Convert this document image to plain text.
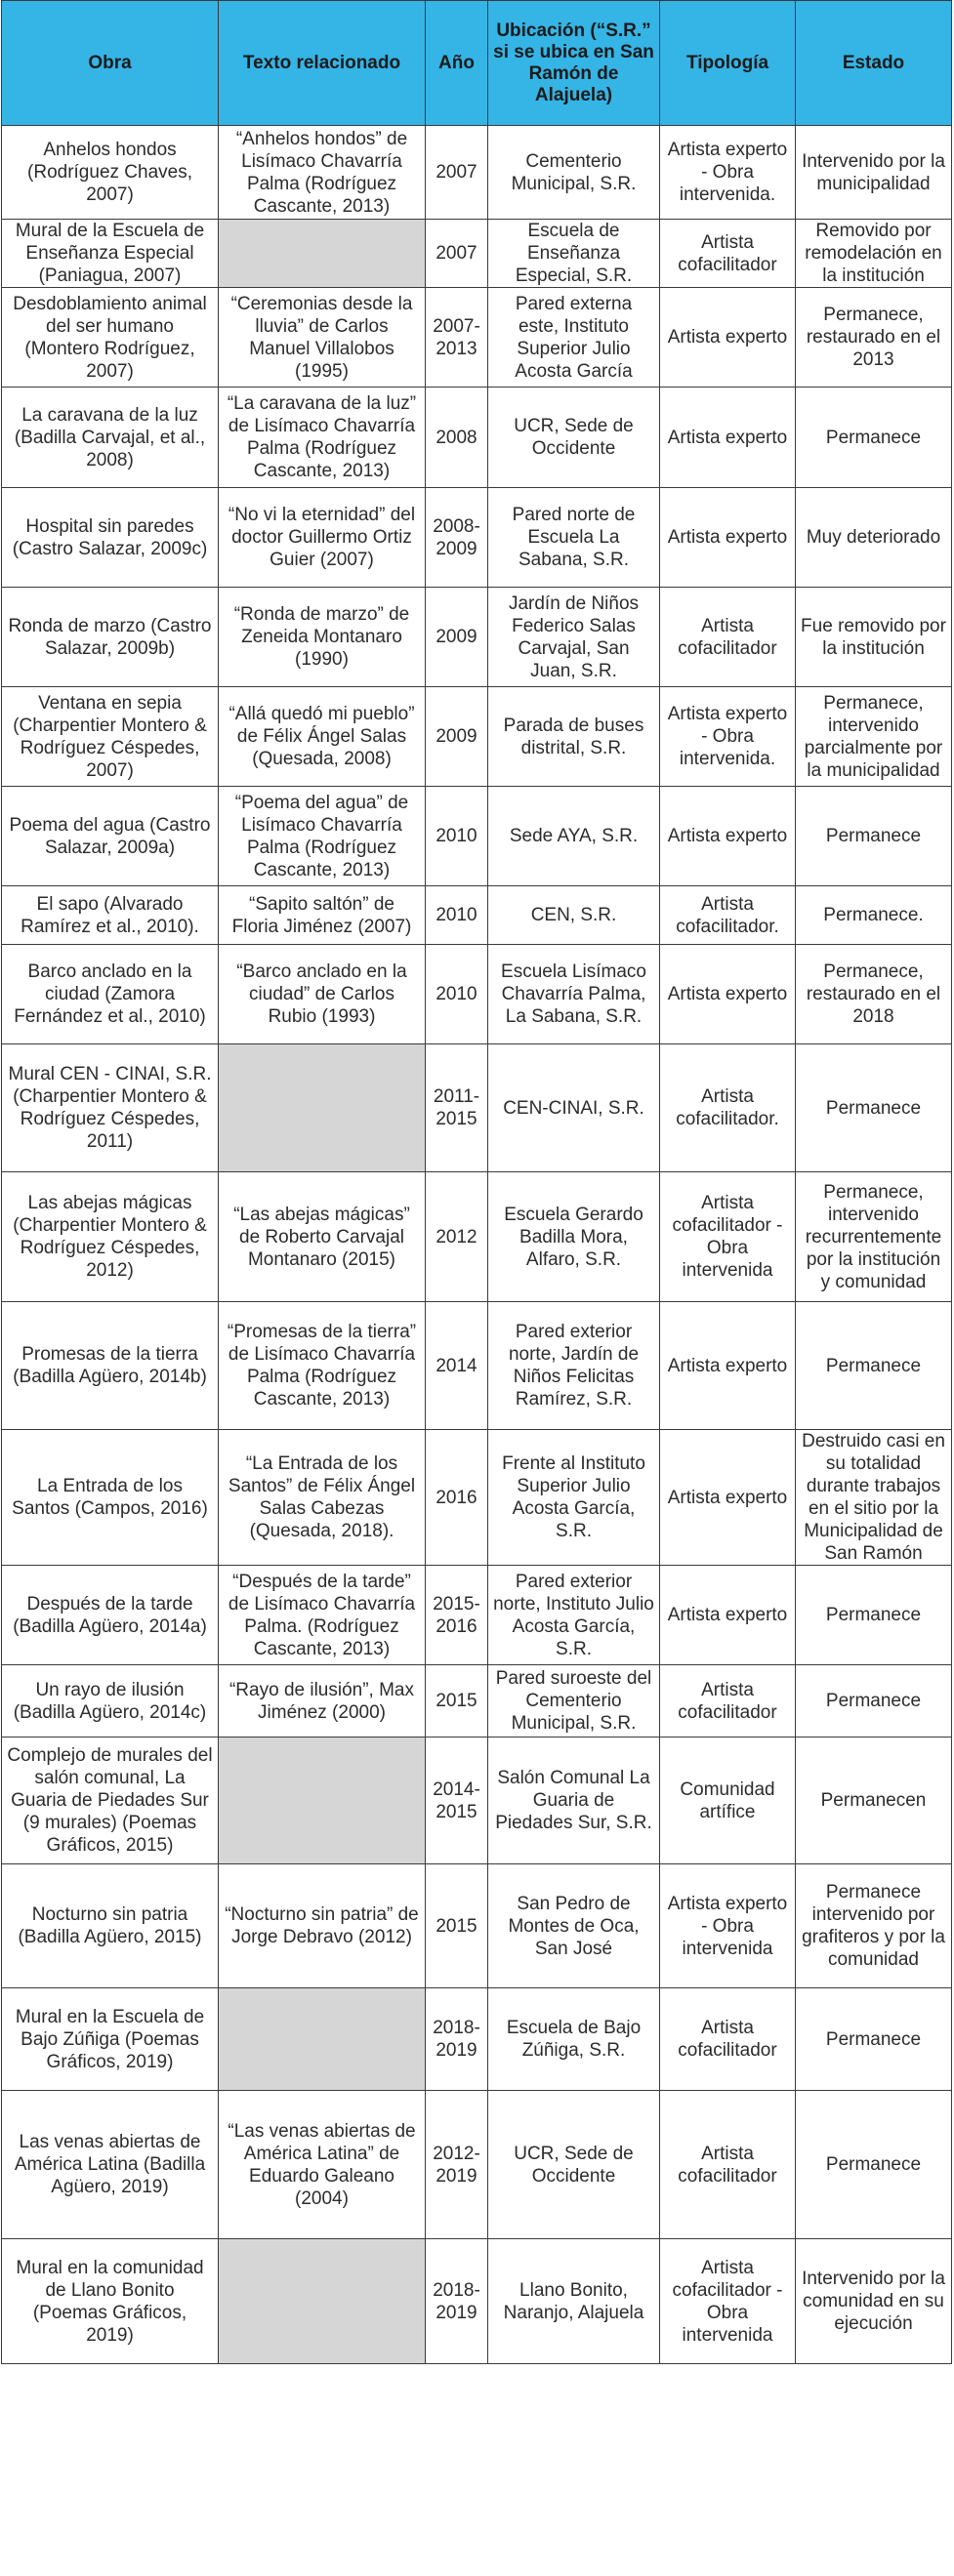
Obra	Texto relacionado	Año	Ubicación (“S.R.” si se ubica en San Ramón de Alajuela)	Tipología	Estado
Anhelos hondos (Rodríguez Chaves, 2007)	“Anhelos hondos” de Lisímaco Chavarría Palma (Rodríguez Cascante, 2013)	2007	Cementerio Municipal, S.R.	Artista experto - Obra intervenida.	Intervenido por la municipalidad
Mural de la Escuela de Enseñanza Especial (Paniagua, 2007)		2007	Escuela de Enseñanza Especial, S.R.	Artista cofacilitador	Removido por remodelación en la institución
Desdoblamiento animal del ser humano (Montero Rodríguez, 2007)	“Ceremonias desde la lluvia” de Carlos Manuel Villalobos (1995)	2007-2013	Pared externa este, Instituto Superior Julio Acosta García	Artista experto	Permanece, restaurado en el 2013
La caravana de la luz (Badilla Carvajal, et al., 2008)	“La caravana de la luz” de Lisímaco Chavarría Palma (Rodríguez Cascante, 2013)	2008	UCR, Sede de Occidente	Artista experto	Permanece
Hospital sin paredes (Castro Salazar, 2009c)	“No vi la eternidad” del doctor Guillermo Ortiz Guier (2007)	2008-2009	Pared norte de Escuela La Sabana, S.R.	Artista experto	Muy deteriorado
Ronda de marzo (Castro Salazar, 2009b)	“Ronda de marzo” de Zeneida Montanaro (1990)	2009	Jardín de Niños Federico Salas Carvajal, San Juan, S.R.	Artista cofacilitador	Fue removido por la institución
Ventana en sepia (Charpentier Montero & Rodríguez Céspedes, 2007)	“Allá quedó mi pueblo” de Félix Ángel Salas (Quesada, 2008)	2009	Parada de buses distrital, S.R.	Artista experto - Obra intervenida.	Permanece, intervenido parcialmente por la municipalidad
Poema del agua (Castro Salazar, 2009a)	“Poema del agua” de Lisímaco Chavarría Palma (Rodríguez Cascante, 2013)	2010	Sede AYA, S.R.	Artista experto	Permanece
El sapo (Alvarado Ramírez et al., 2010).	“Sapito saltón” de Floria Jiménez (2007)	2010	CEN, S.R.	Artista cofacilitador.	Permanece.
Barco anclado en la ciudad (Zamora Fernández et al., 2010)	“Barco anclado en la ciudad” de Carlos Rubio (1993)	2010	Escuela Lisímaco Chavarría Palma, La Sabana, S.R.	Artista experto	Permanece, restaurado en el 2018
Mural CEN - CINAI, S.R. (Charpentier Montero & Rodríguez Céspedes, 2011)		2011-2015	CEN-CINAI, S.R.	Artista cofacilitador.	Permanece
Las abejas mágicas (Charpentier Montero & Rodríguez Céspedes, 2012)	“Las abejas mágicas” de Roberto Carvajal Montanaro (2015)	2012	Escuela Gerardo Badilla Mora, Alfaro, S.R.	Artista cofacilitador - Obra intervenida	Permanece, intervenido recurrentemente por la institución y comunidad
Promesas de la tierra (Badilla Agüero, 2014b)	“Promesas de la tierra” de Lisímaco Chavarría Palma (Rodríguez Cascante, 2013)	2014	Pared exterior norte, Jardín de Niños Felicitas Ramírez, S.R.	Artista experto	Permanece
La Entrada de los Santos (Campos, 2016)	“La Entrada de los Santos” de Félix Ángel Salas Cabezas (Quesada, 2018).	2016	Frente al Instituto Superior Julio Acosta García, S.R.	Artista experto	Destruido casi en su totalidad durante trabajos en el sitio por la Municipalidad de San Ramón
Después de la tarde (Badilla Agüero, 2014a)	“Después de la tarde” de Lisímaco Chavarría Palma. (Rodríguez Cascante, 2013)	2015-2016	Pared exterior norte, Instituto Julio Acosta García, S.R.	Artista experto	Permanece
Un rayo de ilusión (Badilla Agüero, 2014c)	“Rayo de ilusión”, Max Jiménez (2000)	2015	Pared suroeste del Cementerio Municipal, S.R.	Artista cofacilitador	Permanece
Complejo de murales del salón comunal, La Guaria de Piedades Sur (9 murales) (Poemas Gráficos, 2015)		2014-2015	Salón Comunal La Guaria de Piedades Sur, S.R.	Comunidad artífice	Permanecen
Nocturno sin patria (Badilla Agüero, 2015)	“Nocturno sin patria” de Jorge Debravo (2012)	2015	San Pedro de Montes de Oca, San José	Artista experto - Obra intervenida	Permanece intervenido por grafiteros y por la comunidad
Mural en la Escuela de Bajo Zúñiga (Poemas Gráficos, 2019)		2018-2019	Escuela de Bajo Zúñiga, S.R.	Artista cofacilitador	Permanece
Las venas abiertas de América Latina (Badilla Agüero, 2019)	“Las venas abiertas de América Latina” de Eduardo Galeano (2004)	2012-2019	UCR, Sede de Occidente	Artista cofacilitador	Permanece
Mural en la comunidad de Llano Bonito (Poemas Gráficos, 2019)		2018-2019	Llano Bonito, Naranjo, Alajuela	Artista cofacilitador - Obra intervenida	Intervenido por la comunidad en su ejecución
